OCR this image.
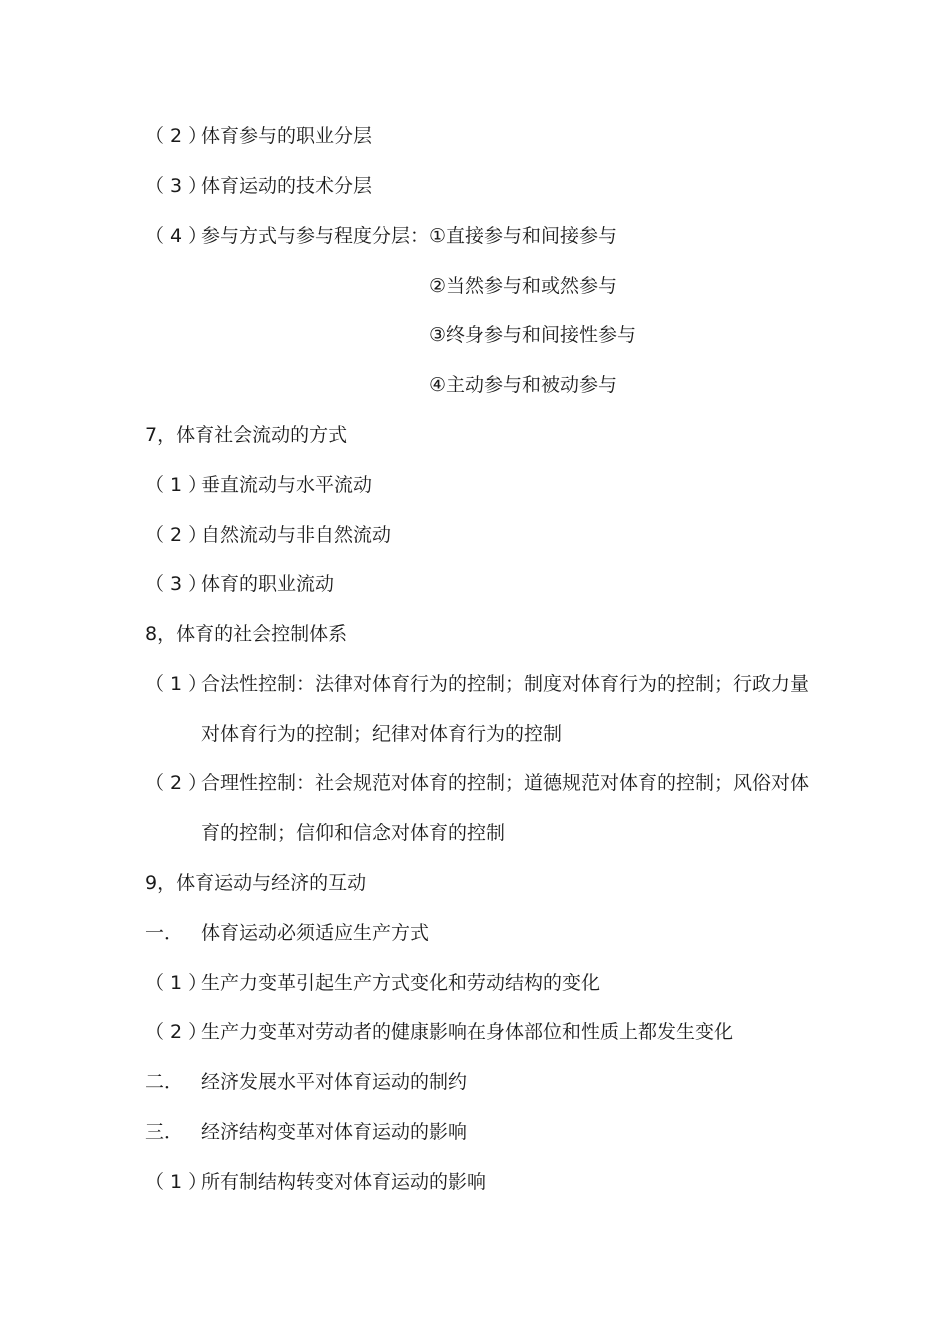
（ 2 ）
体育参与的职业分层
（ 3 ）
体育运动的技术分层
（ 4 ）
参与方式与参与程度分层：①直接参与和间接参与
②当然参与和或然参与
③终身参与和间接性参与
④主动参与和被动参与
7，体育社会流动的方式
（ 1 ）
垂直流动与水平流动
（ 2 ）
自然流动与非自然流动
（ 3 ）
体育的职业流动
8，体育的社会控制体系
（ 1 ）
合法性控制：法律对体育行为的控制；制度对体育行为的控制；行政力量
对体育行为的控制；纪律对体育行为的控制
（ 2 ）
合理性控制：社会规范对体育的控制；道德规范对体育的控制；风俗对体
育的控制；信仰和信念对体育的控制
9，体育运动与经济的互动
一． 体育运动必须适应生产方式
（ 1 ）
生产力变革引起生产方式变化和劳动结构的变化
（ 2 ）
生产力变革对劳动者的健康影响在身体部位和性质上都发生变化
二． 经济发展水平对体育运动的制约
三． 经济结构变革对体育运动的影响
（ 1 ）
所有制结构转变对体育运动的影响
